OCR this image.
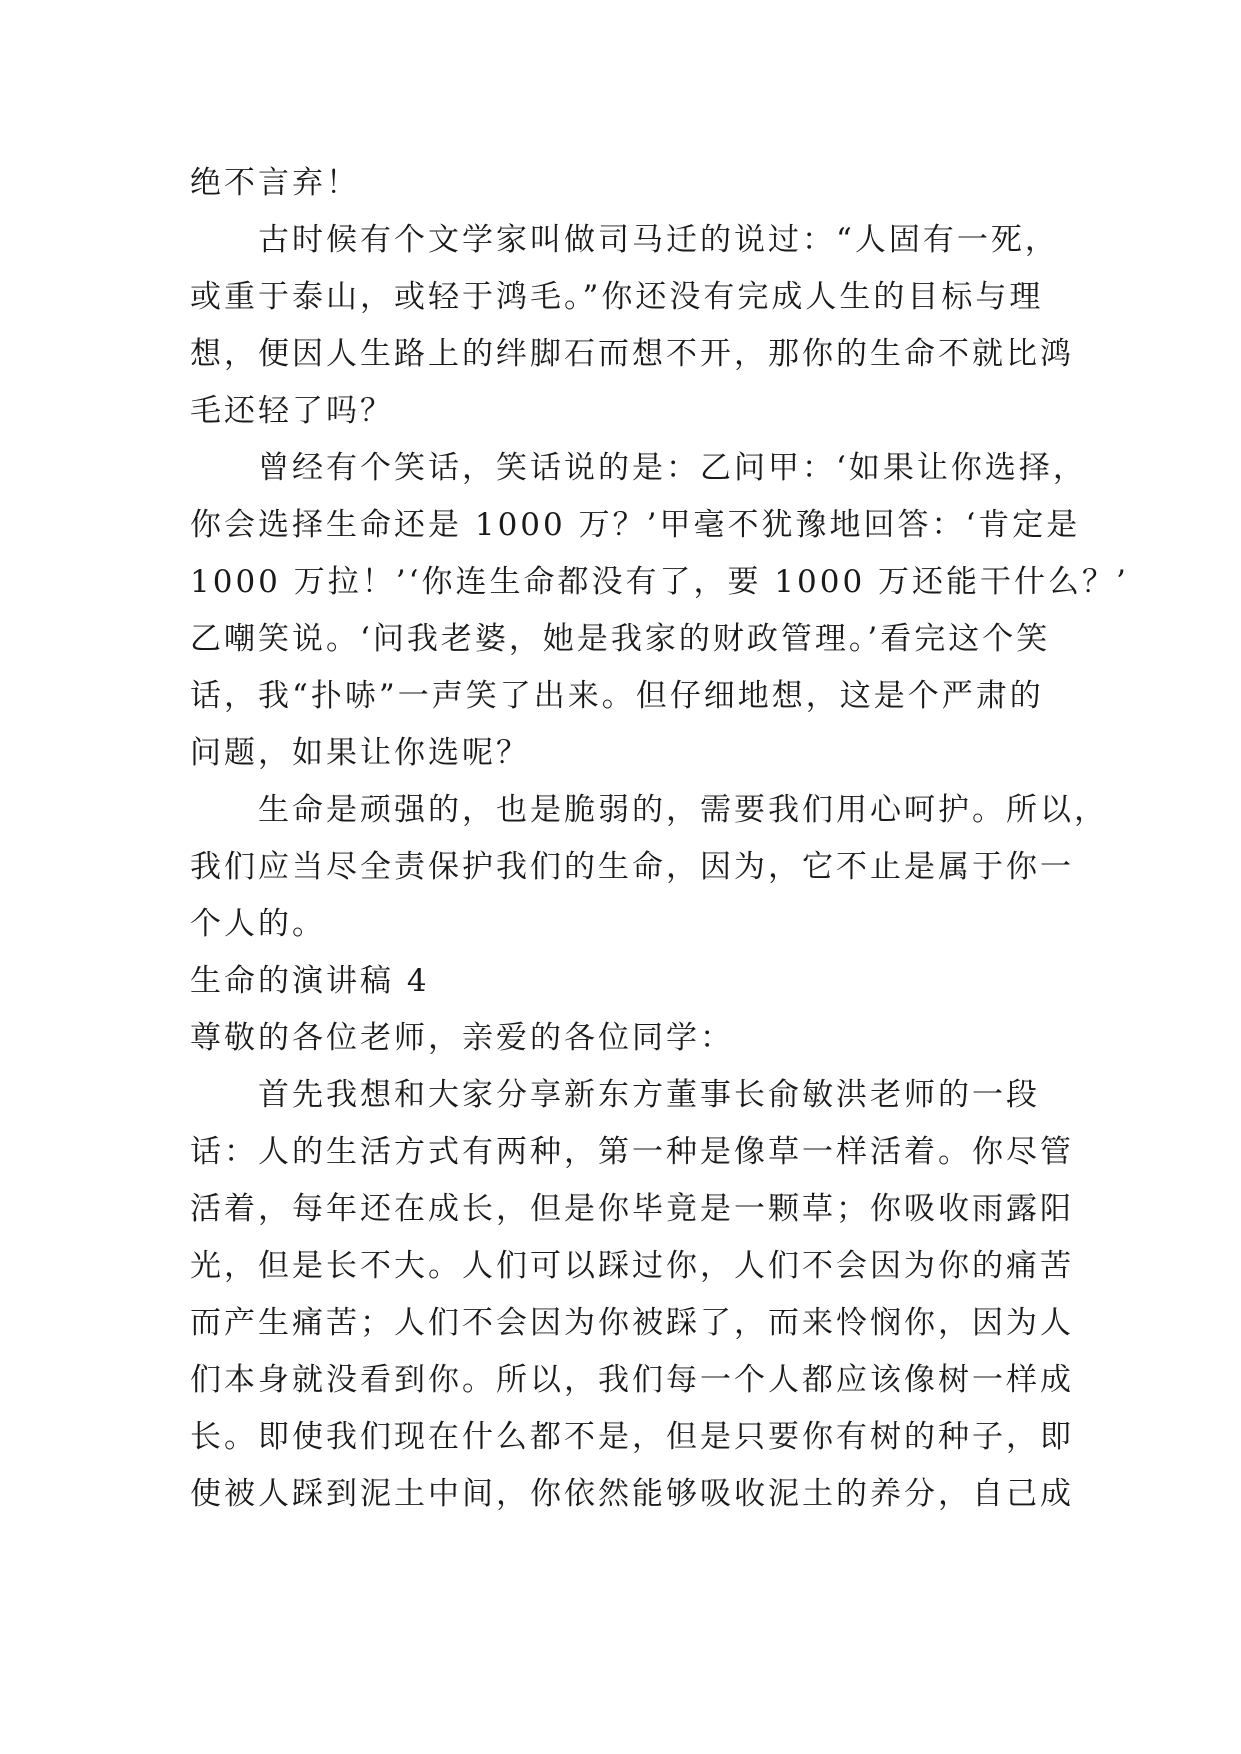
绝不言弃！
古时候有个文学家叫做司马迁的说过：“人固有一死，
或重于泰山，或轻于鸿毛。”你还没有完成人生的目标与理
想，便因人生路上的绊脚石而想不开，那你的生命不就比鸿
毛还轻了吗？
曾经有个笑话，笑话说的是：乙问甲：‘如果让你选择，
你会选择生命还是 1000 万？’甲毫不犹豫地回答：‘肯定是
1000 万拉！’‘你连生命都没有了，要 1000 万还能干什么？’
乙嘲笑说。‘问我老婆，她是我家的财政管理。’看完这个笑
话，我“扑哧”一声笑了出来。但仔细地想，这是个严肃的
问题，如果让你选呢？
生命是顽强的，也是脆弱的，需要我们用心呵护。所以，
我们应当尽全责保护我们的生命，因为，它不止是属于你一
个人的。
生命的演讲稿 4
尊敬的各位老师，亲爱的各位同学：
首先我想和大家分享新东方董事长俞敏洪老师的一段
话：人的生活方式有两种，第一种是像草一样活着。你尽管
活着，每年还在成长，但是你毕竟是一颗草；你吸收雨露阳
光，但是长不大。人们可以踩过你，人们不会因为你的痛苦
而产生痛苦；人们不会因为你被踩了，而来怜悯你，因为人
们本身就没看到你。所以，我们每一个人都应该像树一样成
长。即使我们现在什么都不是，但是只要你有树的种子，即
使被人踩到泥土中间，你依然能够吸收泥土的养分，自己成
